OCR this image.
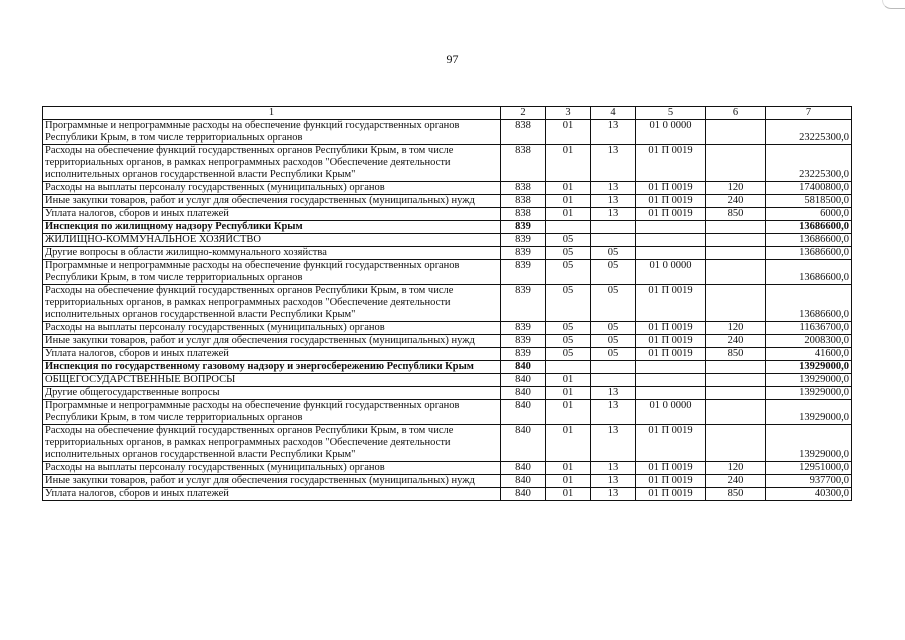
97
1	2	3	4	5	6	7
Программные и непрограммные расходы на обеспечение функций государственных органов Республики Крым, в том числе территориальных органов	838	01	13	01 0 0000		23225300,0
Расходы на обеспечение функций государственных органов Республики Крым, в том числе территориальных органов, в рамках непрограммных расходов "Обеспечение деятельности исполнительных органов государственной власти Республики Крым"	838	01	13	01 П 0019		23225300,0
Расходы на выплаты персоналу государственных (муниципальных) органов	838	01	13	01 П 0019	120	17400800,0
Иные закупки товаров, работ и услуг для обеспечения государственных (муниципальных) нужд	838	01	13	01 П 0019	240	5818500,0
Уплата налогов, сборов и иных платежей	838	01	13	01 П 0019	850	6000,0
Инспекция по жилищному надзору Республики Крым	839					13686600,0
ЖИЛИЩНО-КОММУНАЛЬНОЕ ХОЗЯЙСТВО	839	05				13686600,0
Другие вопросы в области жилищно-коммунального хозяйства	839	05	05			13686600,0
Программные и непрограммные расходы на обеспечение функций государственных органов Республики Крым, в том числе территориальных органов	839	05	05	01 0 0000		13686600,0
Расходы на обеспечение функций государственных органов Республики Крым, в том числе территориальных органов, в рамках непрограммных расходов "Обеспечение деятельности исполнительных органов государственной власти Республики Крым"	839	05	05	01 П 0019		13686600,0
Расходы на выплаты персоналу государственных (муниципальных) органов	839	05	05	01 П 0019	120	11636700,0
Иные закупки товаров, работ и услуг для обеспечения государственных (муниципальных) нужд	839	05	05	01 П 0019	240	2008300,0
Уплата налогов, сборов и иных платежей	839	05	05	01 П 0019	850	41600,0
Инспекция по государственному газовому надзору и энергосбережению Республики Крым	840					13929000,0
ОБЩЕГОСУДАРСТВЕННЫЕ ВОПРОСЫ	840	01				13929000,0
Другие общегосударственные вопросы	840	01	13			13929000,0
Программные и непрограммные расходы на обеспечение функций государственных органов Республики Крым, в том числе территориальных органов	840	01	13	01 0 0000		13929000,0
Расходы на обеспечение функций государственных органов Республики Крым, в том числе территориальных органов, в рамках непрограммных расходов "Обеспечение деятельности исполнительных органов государственной власти Республики Крым"	840	01	13	01 П 0019		13929000,0
Расходы на выплаты персоналу государственных (муниципальных) органов	840	01	13	01 П 0019	120	12951000,0
Иные закупки товаров, работ и услуг для обеспечения государственных (муниципальных) нужд	840	01	13	01 П 0019	240	937700,0
Уплата налогов, сборов и иных платежей	840	01	13	01 П 0019	850	40300,0
